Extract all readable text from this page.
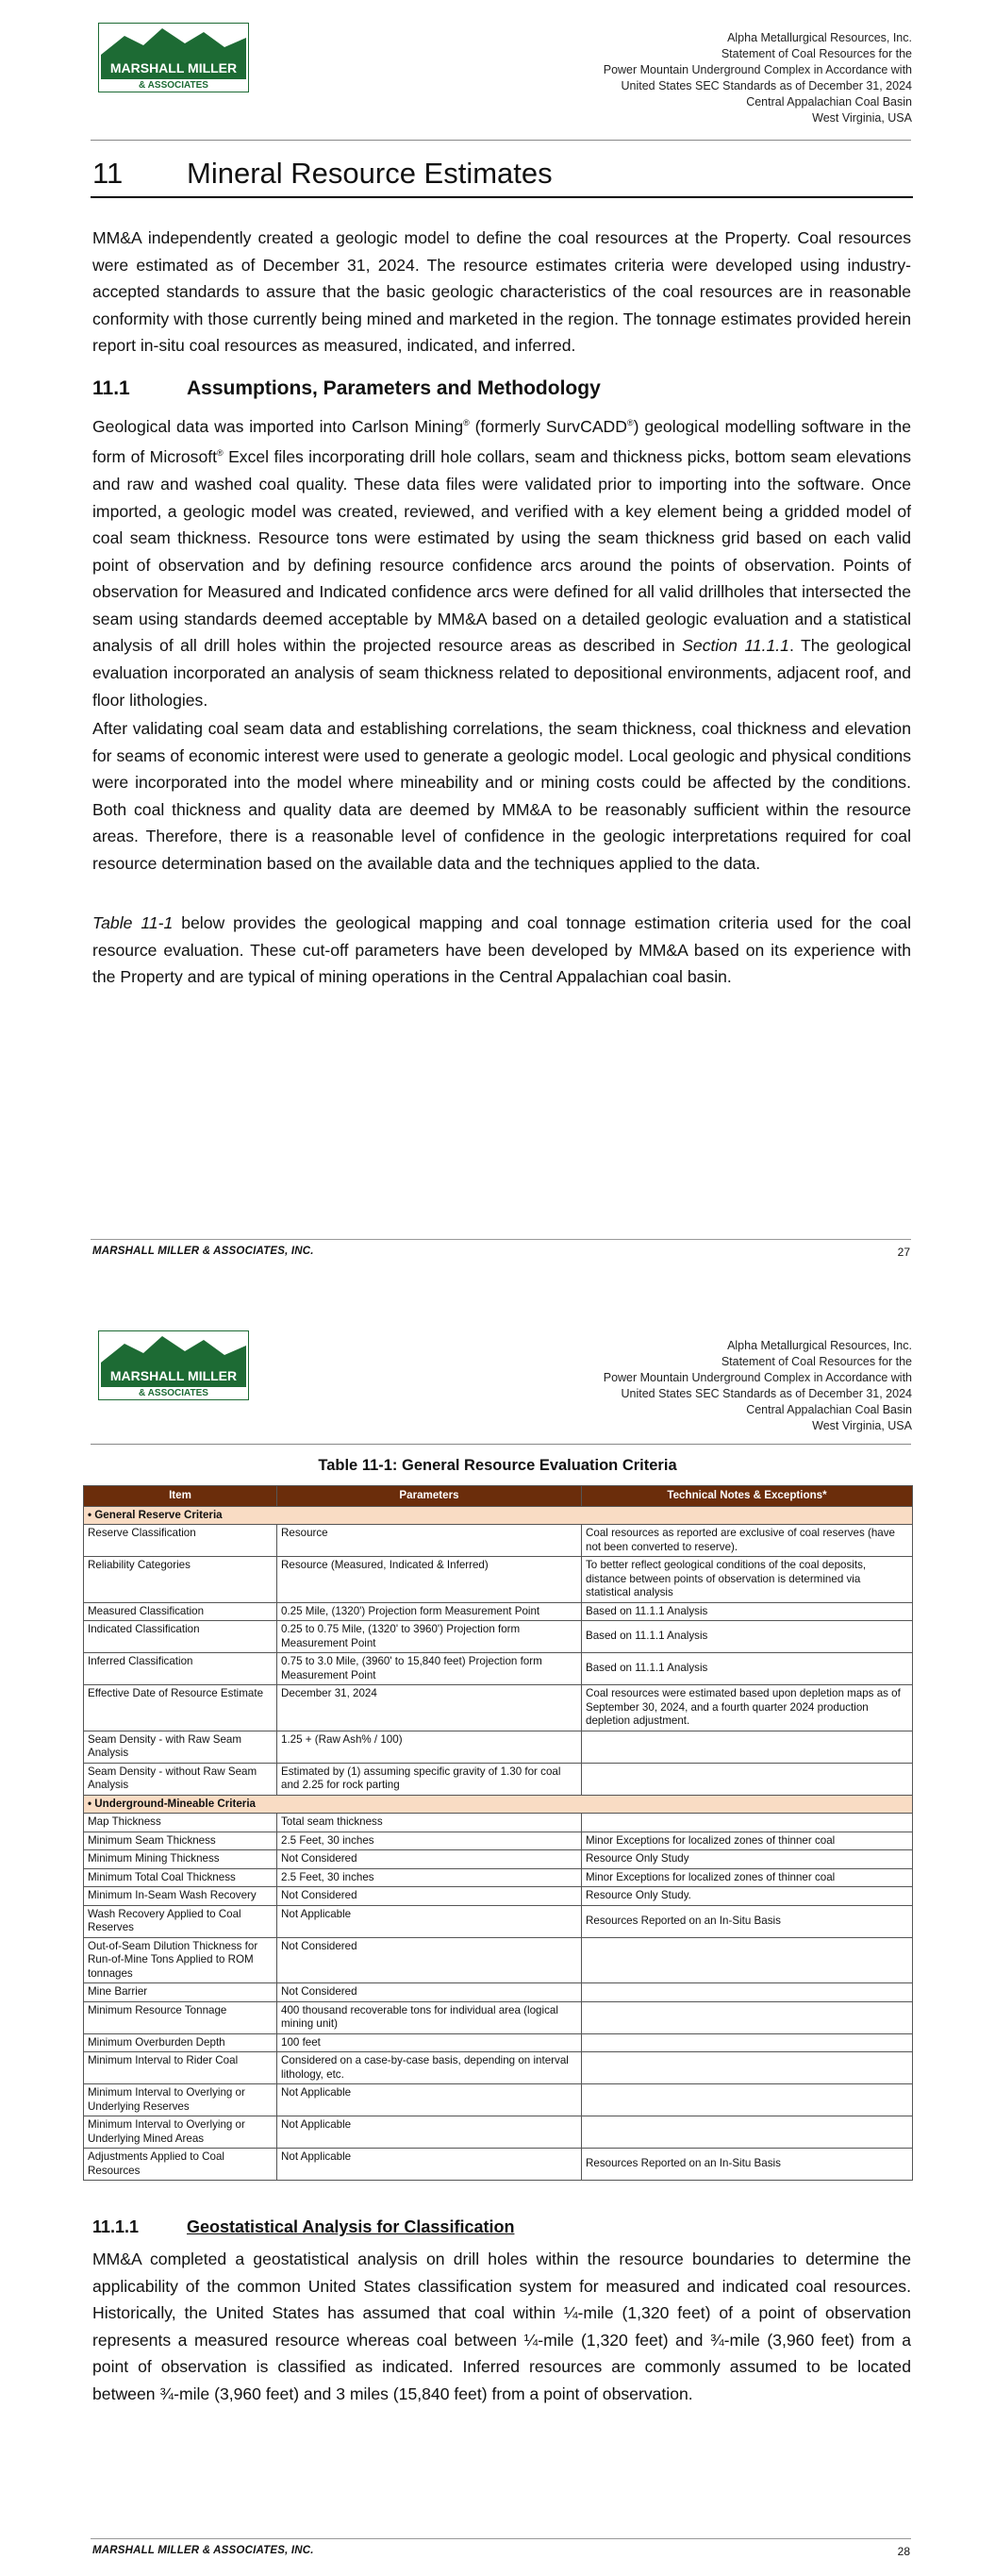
MARSHALL MILLER
& ASSOCIATES
Alpha Metallurgical Resources, Inc.
Statement of Coal Resources for the
Power Mountain Underground Complex in Accordance with
United States SEC Standards as of December 31, 2024
Central Appalachian Coal Basin
West Virginia, USA
11 Mineral Resource Estimates

MM&A independently created a geologic model to define the coal resources at the Property. Coal resources were estimated as of December 31, 2024. The resource estimates criteria were developed using industry-accepted standards to assure that the basic geologic characteristics of the coal resources are in reasonable conformity with those currently being mined and marketed in the region. The tonnage estimates provided herein report in-situ coal resources as measured, indicated, and inferred.

11.1	Assumptions, Parameters and Methodology

Geological data was imported into Carlson Mining® (formerly SurvCADD®) geological modelling software in the form of Microsoft® Excel files incorporating drill hole collars, seam and thickness picks, bottom seam elevations and raw and washed coal quality. These data files were validated prior to importing into the software. Once imported, a geologic model was created, reviewed, and verified with a key element being a gridded model of coal seam thickness. Resource tons were estimated by using the seam thickness grid based on each valid point of observation and by defining resource confidence arcs around the points of observation. Points of observation for Measured and Indicated confidence arcs were defined for all valid drillholes that intersected the seam using standards deemed acceptable by MM&A based on a detailed geologic evaluation and a statistical analysis of all drill holes within the projected resource areas as described in Section 11.1.1. The geological evaluation incorporated an analysis of seam thickness related to depositional environments, adjacent roof, and floor lithologies.

After validating coal seam data and establishing correlations, the seam thickness, coal thickness and elevation for seams of economic interest were used to generate a geologic model. Local geologic and physical conditions were incorporated into the model where mineability and or mining costs could be affected by the conditions. Both coal thickness and quality data are deemed by MM&A to be reasonably sufficient within the resource areas. Therefore, there is a reasonable level of confidence in the geologic interpretations required for coal resource determination based on the available data and the techniques applied to the data.

Table 11-1 below provides the geological mapping and coal tonnage estimation criteria used for the coal resource evaluation. These cut-off parameters have been developed by MM&A based on its experience with the Property and are typical of mining operations in the Central Appalachian coal basin.

MARSHALL MILLER & ASSOCIATES, INC.	27
MARSHALL MILLER
& ASSOCIATES
Alpha Metallurgical Resources, Inc.
Statement of Coal Resources for the
Power Mountain Underground Complex in Accordance with
United States SEC Standards as of December 31, 2024
Central Appalachian Coal Basin
West Virginia, USA
Table 11-1: General Resource Evaluation Criteria
Item	Parameters	Technical Notes & Exceptions*
• General Reserve Criteria		
Reserve Classification	Resource	Coal resources as reported are exclusive of coal reserves (have not been converted to reserve).
Reliability Categories	Resource (Measured, Indicated & Inferred)	To better reflect geological conditions of the coal deposits, distance between points of observation is determined via statistical analysis
Measured Classification	0.25 Mile, (1320') Projection form Measurement Point	Based on 11.1.1 Analysis
Indicated Classification	0.25 to 0.75 Mile, (1320' to 3960') Projection form Measurement Point	Based on 11.1.1 Analysis
Inferred Classification	0.75 to 3.0 Mile, (3960' to 15,840 feet) Projection form Measurement Point	Based on 11.1.1 Analysis
Effective Date of Resource Estimate	December 31, 2024	Coal resources were estimated based upon depletion maps as of September 30, 2024, and a fourth quarter 2024 production depletion adjustment.
Seam Density - with Raw Seam Analysis	1.25 + (Raw Ash% / 100)	
Seam Density - without Raw Seam Analysis	Estimated by (1) assuming specific gravity of 1.30 for coal and 2.25 for rock parting	
• Underground-Mineable Criteria		
Map Thickness	Total seam thickness	
Minimum Seam Thickness	2.5 Feet, 30 inches	Minor Exceptions for localized zones of thinner coal
Minimum Mining Thickness	Not Considered	Resource Only Study
Minimum Total Coal Thickness	2.5 Feet, 30 inches	Minor Exceptions for localized zones of thinner coal
Minimum In-Seam Wash Recovery	Not Considered	Resource Only Study.
Wash Recovery Applied to Coal Reserves	Not Applicable	Resources Reported on an In-Situ Basis
Out-of-Seam Dilution Thickness for Run-of-Mine Tons Applied to ROM tonnages	Not Considered	
Mine Barrier	Not Considered	
Minimum Resource Tonnage	400 thousand recoverable tons for individual area (logical mining unit)	
Minimum Overburden Depth	100 feet	
Minimum Interval to Rider Coal	Considered on a case-by-case basis, depending on interval lithology, etc.	
Minimum Interval to Overlying or Underlying Reserves	Not Applicable	
Minimum Interval to Overlying or Underlying Mined Areas	Not Applicable	
Adjustments Applied to Coal Resources	Not Applicable	Resources Reported on an In-Situ Basis
11.1.1	Geostatistical Analysis for Classification

MM&A completed a geostatistical analysis on drill holes within the resource boundaries to determine the applicability of the common United States classification system for measured and indicated coal resources. Historically, the United States has assumed that coal within ¼-mile (1,320 feet) of a point of observation represents a measured resource whereas coal between ¼-mile (1,320 feet) and ¾-mile (3,960 feet) from a point of observation is classified as indicated. Inferred resources are commonly assumed to be located between ¾-mile (3,960 feet) and 3 miles (15,840 feet) from a point of observation.

MARSHALL MILLER & ASSOCIATES, INC.	28
